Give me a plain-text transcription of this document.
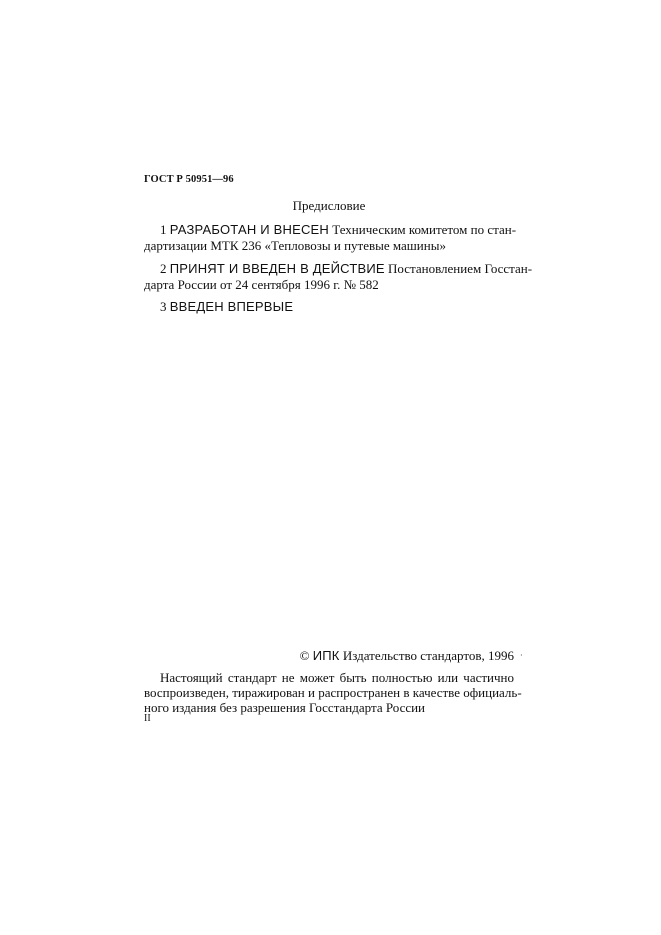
ГОСТ Р 50951—96
Предисловие
1 РАЗРАБОТАН И ВНЕСЕН Техническим комитетом по стан-
дартизации МТК 236 «Тепловозы и путевые машины»
2 ПРИНЯТ И ВВЕДЕН В ДЕЙСТВИЕ Постановлением Госстан-
дарта России от 24 сентября 1996 г. № 582
3 ВВЕДЕН ВПЕРВЫЕ
© ИПК Издательство стандартов, 1996 ·
Настоящий стандарт не может быть полностью или частично
воспроизведен, тиражирован и распространен в качестве официаль-
ного издания без разрешения Госстандарта России
II
